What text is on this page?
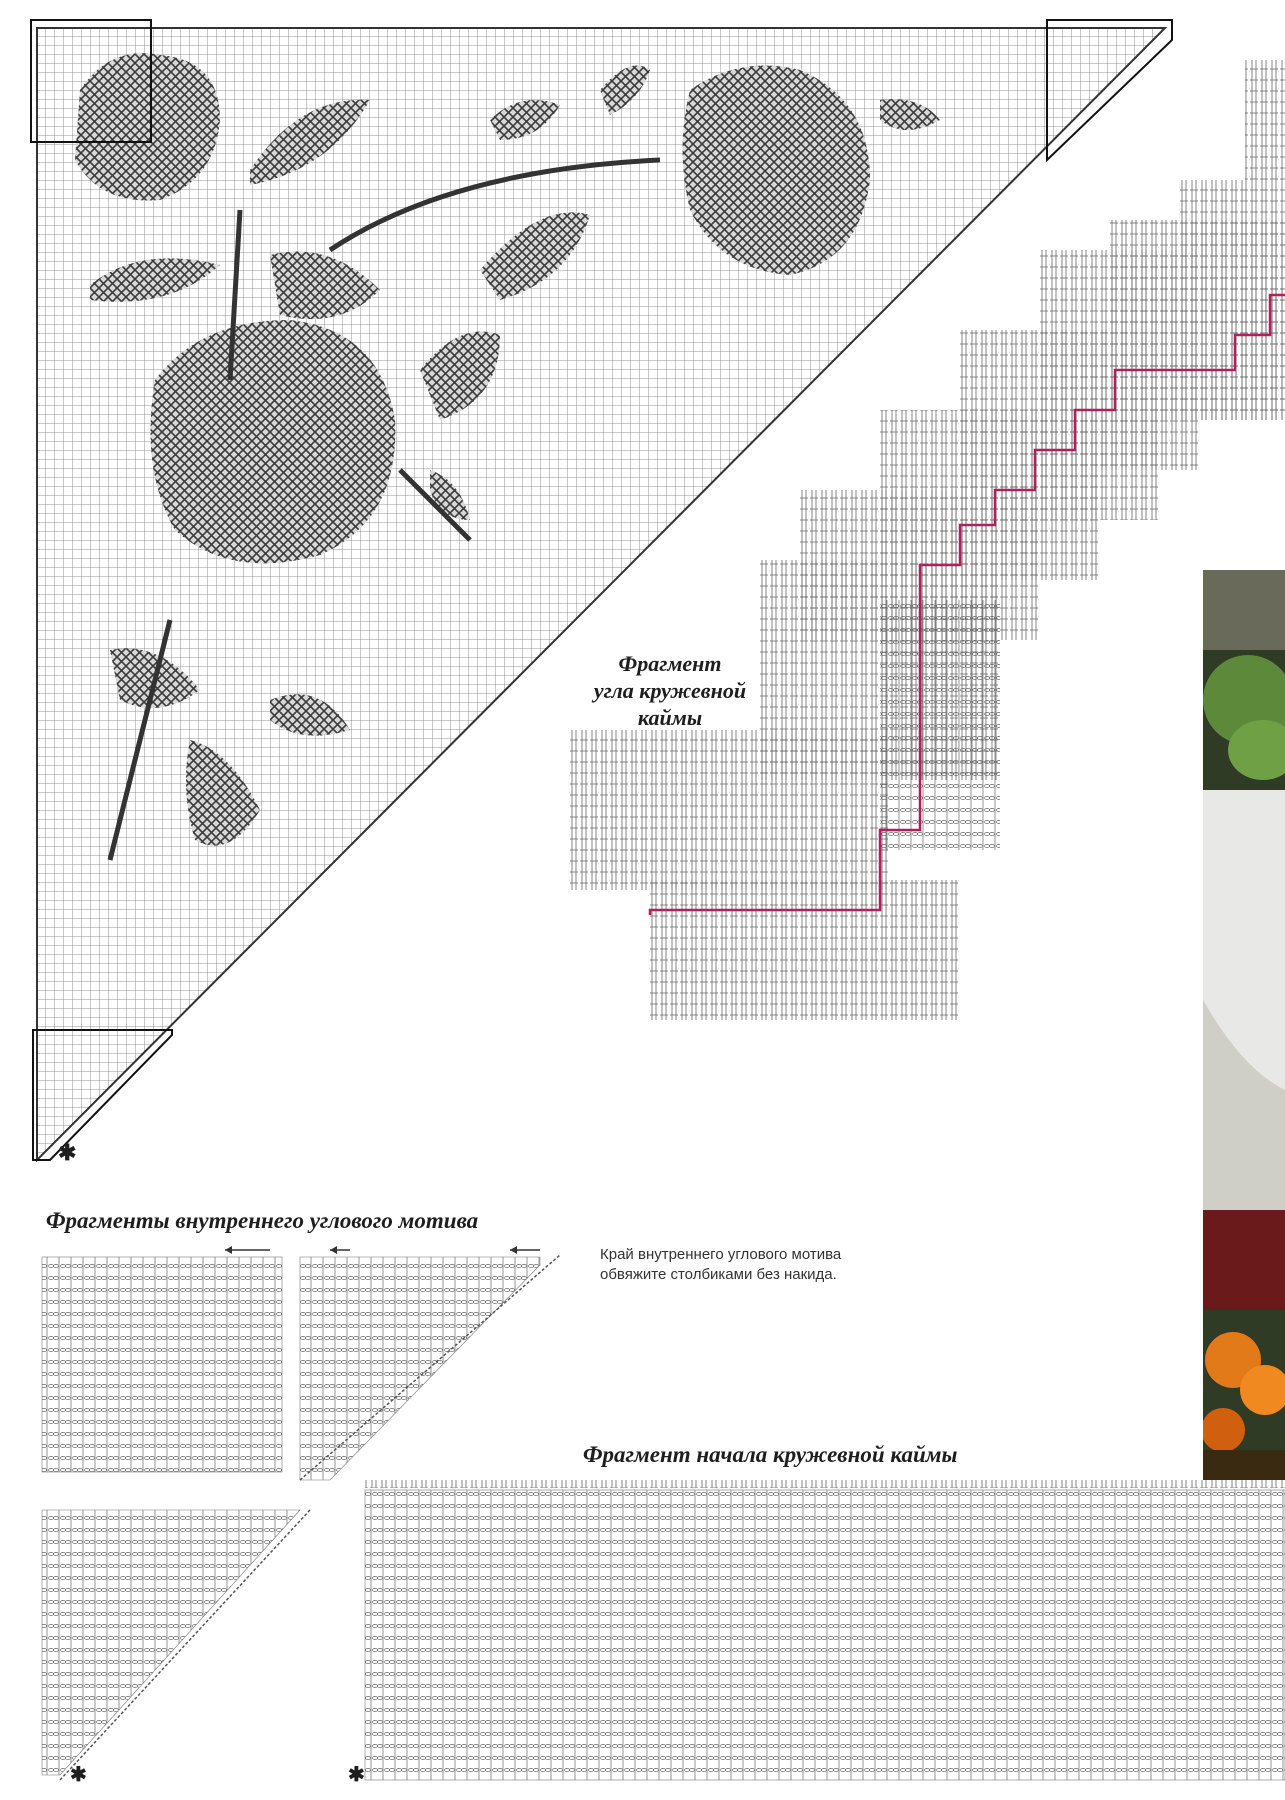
✱
✱	✱
Фрагмент
угла кружевной
каймы
Фрагменты внутреннего углового мотива
Фрагмент начала кружевной каймы
Край внутреннего углового мотива
обвяжите столбиками без накида.
